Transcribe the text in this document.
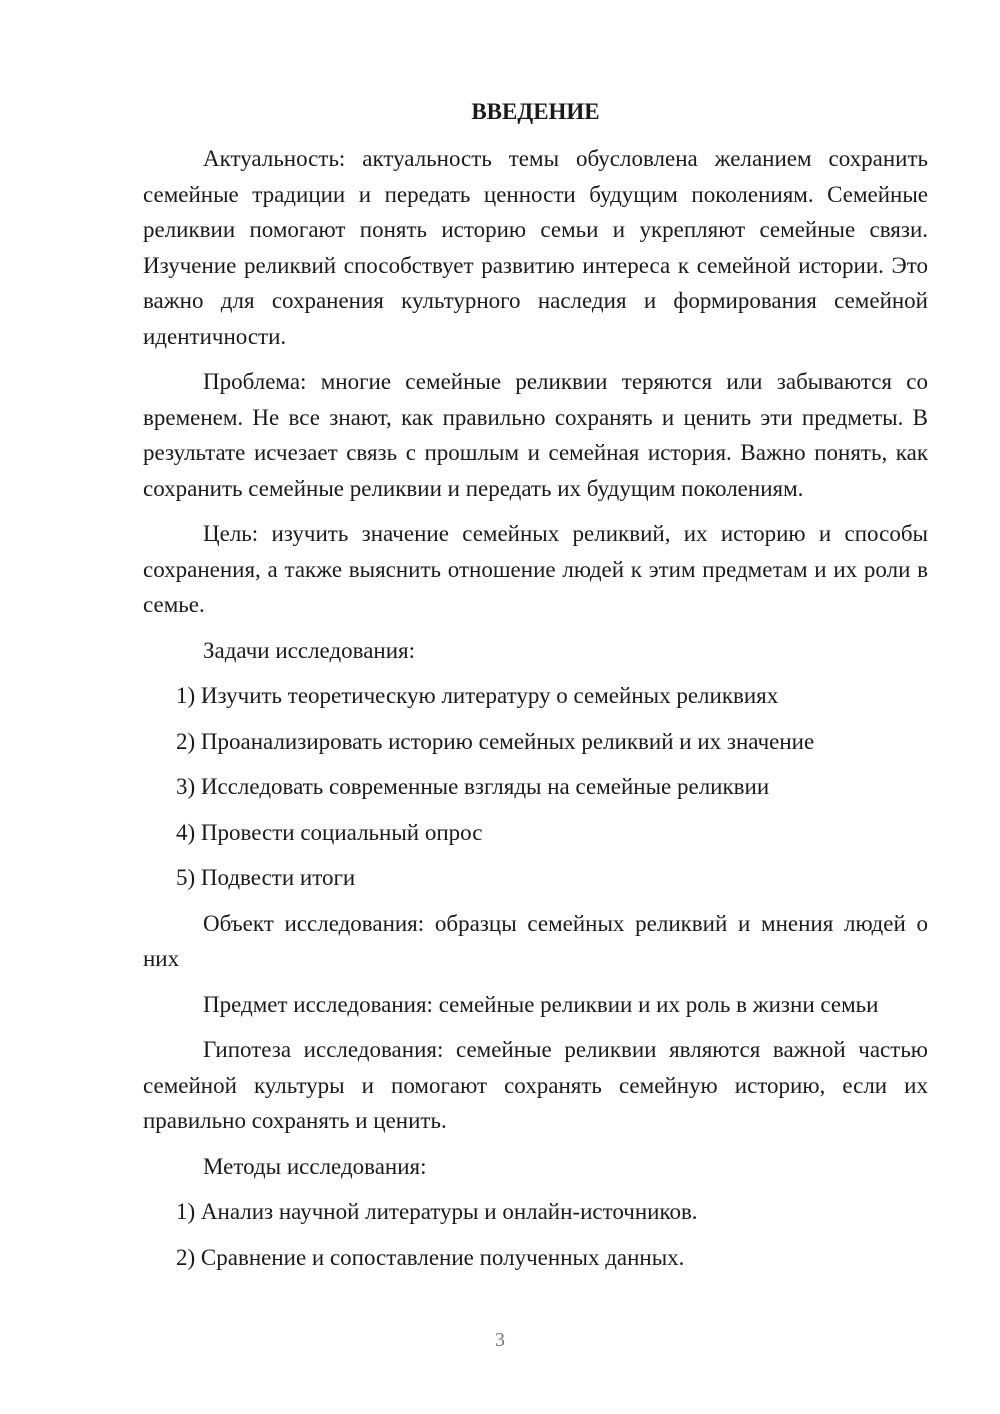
ВВЕДЕНИЕ

Актуальность: актуальность темы обусловлена желанием сохранить семейные традиции и передать ценности будущим поколениям. Семейные реликвии помогают понять историю семьи и укрепляют семейные связи. Изучение реликвий способствует развитию интереса к семейной истории. Это важно для сохранения культурного наследия и формирования семейной идентичности.

Проблема: многие семейные реликвии теряются или забываются со временем. Не все знают, как правильно сохранять и ценить эти предметы. В результате исчезает связь с прошлым и семейная история. Важно понять, как сохранить семейные реликвии и передать их будущим поколениям.

Цель: изучить значение семейных реликвий, их историю и способы сохранения, а также выяснить отношение людей к этим предметам и их роли в семье.

Задачи исследования:
1) Изучить теоретическую литературу о семейных реликвиях
2) Проанализировать историю семейных реликвий и их значение
3) Исследовать современные взгляды на семейные реликвии
4) Провести социальный опрос
5) Подвести итоги

Объект исследования: образцы семейных реликвий и мнения людей о них

Предмет исследования: семейные реликвии и их роль в жизни семьи

Гипотеза исследования: семейные реликвии являются важной частью семейной культуры и помогают сохранять семейную историю, если их правильно сохранять и ценить.

Методы исследования:
1) Анализ научной литературы и онлайн-источников.
2) Сравнение и сопоставление полученных данных.
3
